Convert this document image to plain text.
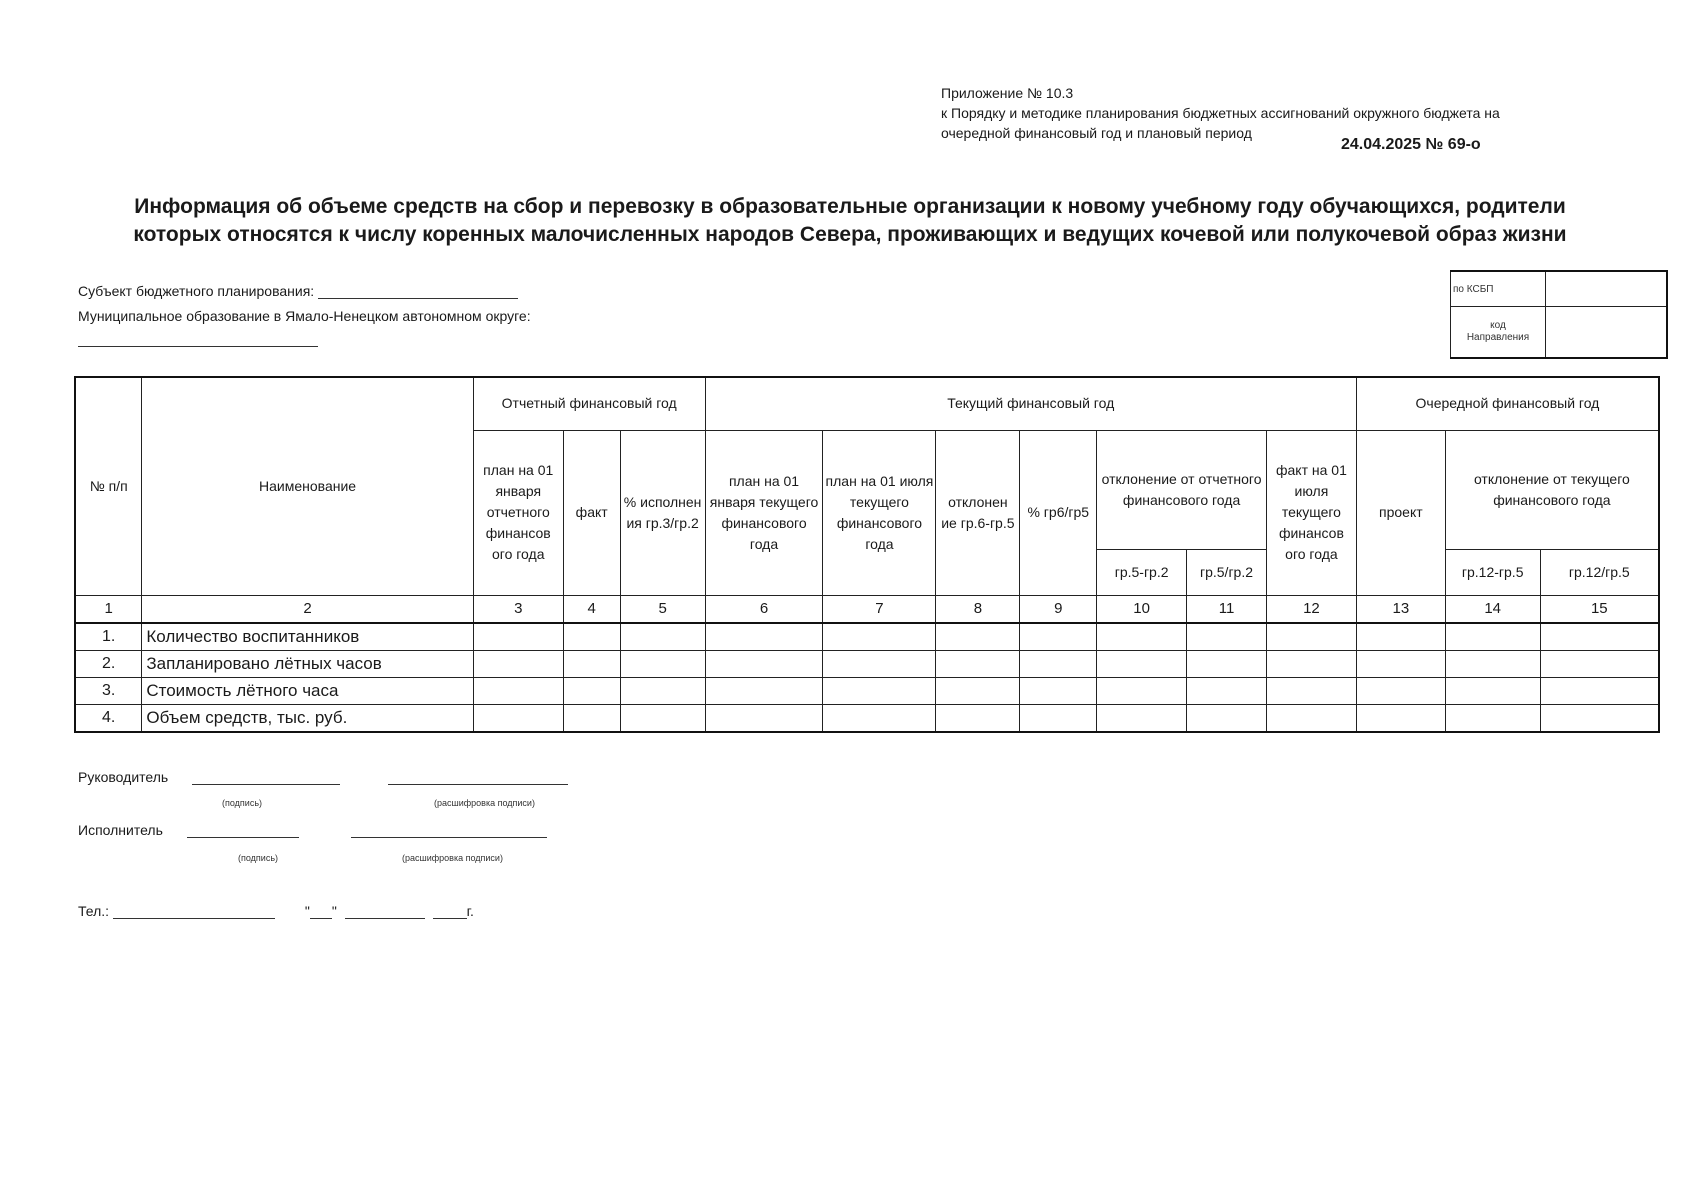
Приложение № 10.3
к Порядку и методике планирования бюджетных ассигнований окружного бюджета на
очередной финансовый год и плановый период
24.04.2025 № 69-о
Информация об объеме средств на сбор и перевозку в образовательные организации к новому учебному году обучающихся, родители
которых относятся к числу коренных малочисленных народов Севера, проживающих и ведущих кочевой или полукочевой образ жизни
Субъект бюджетного планирования:
Муниципальное образование в Ямало-Ненецком автономном округе:
по КСБП	

код
Направления	

№ п/п	Наименование	Отчетный финансовый год			Текущий финансовый год							Очередной финансовый год		
		план на 01 января отчетного финансов ого года	факт	% исполнен ия гр.3/гр.2	план на 01 января текущего финансового года	план на 01 июля текущего финансового года	отклонен ие гр.6-гр.5	% гр6/гр5	отклонение от отчетного финансового года		факт на 01 июля текущего финансов ого года	проект	отклонение от текущего финансового года	
									гр.5-гр.2	гр.5/гр.2			гр.12-гр.5	гр.12/гр.5
1	2	3	4	5	6	7	8	9	10	11	12	13	14	15
1.	Количество воспитанников													
2.	Запланировано лётных часов													
3.	Стоимость лётного часа													
4.	Объем средств, тыс. руб.													
Руководитель
(подпись)	(расшифровка подписи)
Исполнитель
(подпись)	(расшифровка подписи)
Тел.:	" "	г.
